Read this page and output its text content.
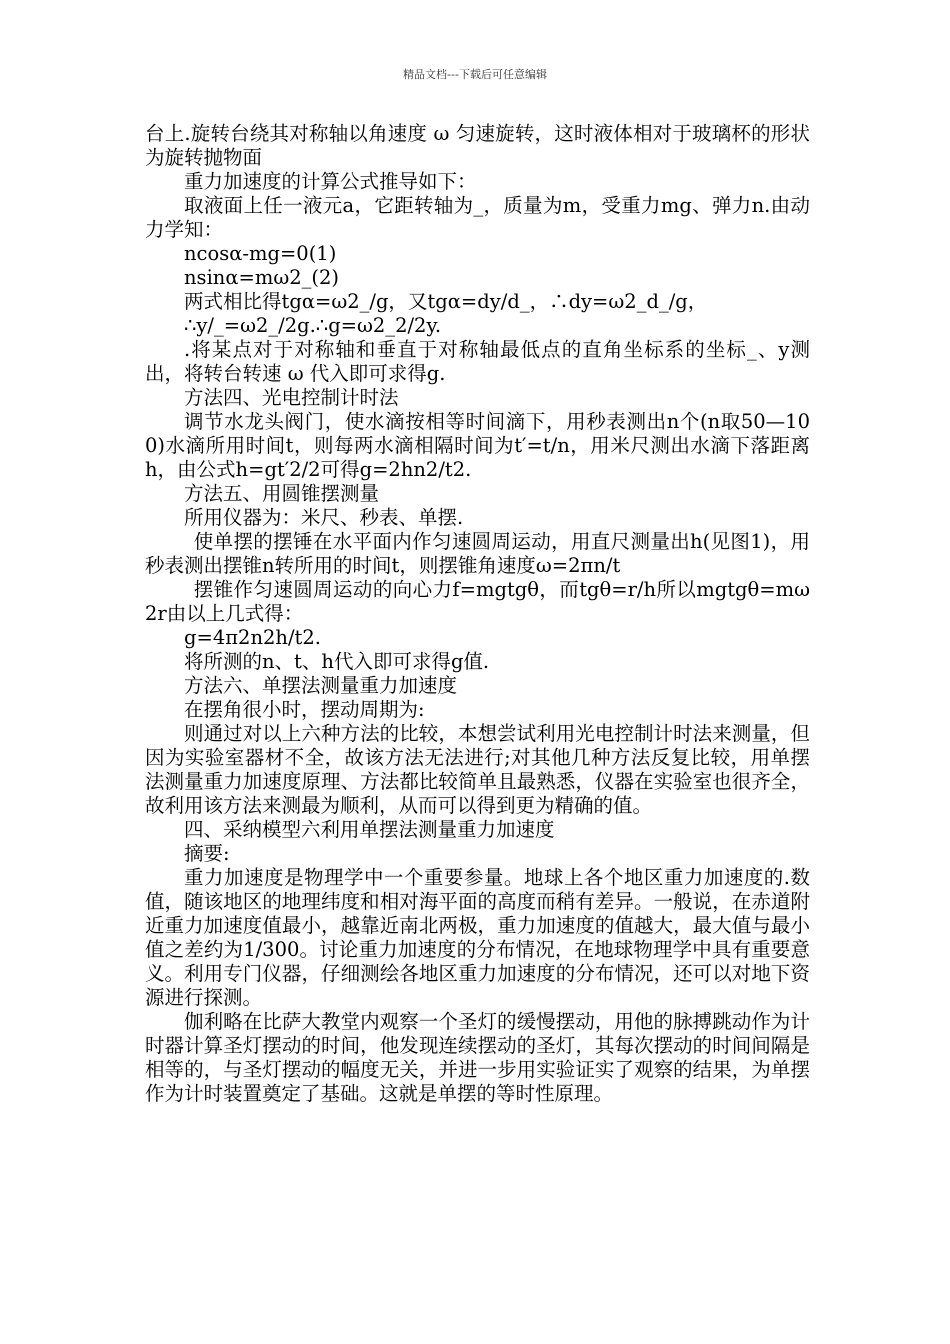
精品文档---下载后可任意编辑

台上.旋转台绕其对称轴以角速度 ω 匀速旋转，这时液体相对于玻璃杯的形状为旋转抛物面

重力加速度的计算公式推导如下：

取液面上任一液元a，它距转轴为_，质量为m，受重力mg、弹力n.由动力学知：

ncosα-mg=0(1)

nsinα=mω2_(2)

两式相比得tgα=ω2_/g，又tgα=dy/d_，∴dy=ω2_d_/g，

∴y/_=ω2_/2g.∴g=ω2_2/2y.

.将某点对于对称轴和垂直于对称轴最低点的直角坐标系的坐标_、y测出，将转台转速 ω 代入即可求得g.

方法四、光电控制计时法

调节水龙头阀门，使水滴按相等时间滴下，用秒表测出n个(n取50—100)水滴所用时间t，则每两水滴相隔时间为t′=t/n，用米尺测出水滴下落距离h，由公式h=gt′2/2可得g=2hn2/t2.

方法五、用圆锥摆测量

所用仪器为：米尺、秒表、单摆.

使单摆的摆锤在水平面内作匀速圆周运动，用直尺测量出h(见图1)，用秒表测出摆锥n转所用的时间t，则摆锥角速度ω=2πn/t

摆锥作匀速圆周运动的向心力f=mgtgθ，而tgθ=r/h所以mgtgθ=mω2r由以上几式得：

g=4π2n2h/t2.

将所测的n、t、h代入即可求得g值.

方法六、单摆法测量重力加速度

在摆角很小时，摆动周期为:

则通过对以上六种方法的比较，本想尝试利用光电控制计时法来测量，但因为实验室器材不全，故该方法无法进行;对其他几种方法反复比较，用单摆法测量重力加速度原理、方法都比较简单且最熟悉，仪器在实验室也很齐全，故利用该方法来测最为顺利，从而可以得到更为精确的值。

四、采纳模型六利用单摆法测量重力加速度

摘要:

重力加速度是物理学中一个重要参量。地球上各个地区重力加速度的.数值，随该地区的地理纬度和相对海平面的高度而稍有差异。一般说，在赤道附近重力加速度值最小，越靠近南北两极，重力加速度的值越大，最大值与最小值之差约为1/300。讨论重力加速度的分布情况，在地球物理学中具有重要意义。利用专门仪器，仔细测绘各地区重力加速度的分布情况，还可以对地下资源进行探测。

伽利略在比萨大教堂内观察一个圣灯的缓慢摆动，用他的脉搏跳动作为计时器计算圣灯摆动的时间，他发现连续摆动的圣灯，其每次摆动的时间间隔是相等的，与圣灯摆动的幅度无关，并进一步用实验证实了观察的结果，为单摆作为计时装置奠定了基础。这就是单摆的等时性原理。
